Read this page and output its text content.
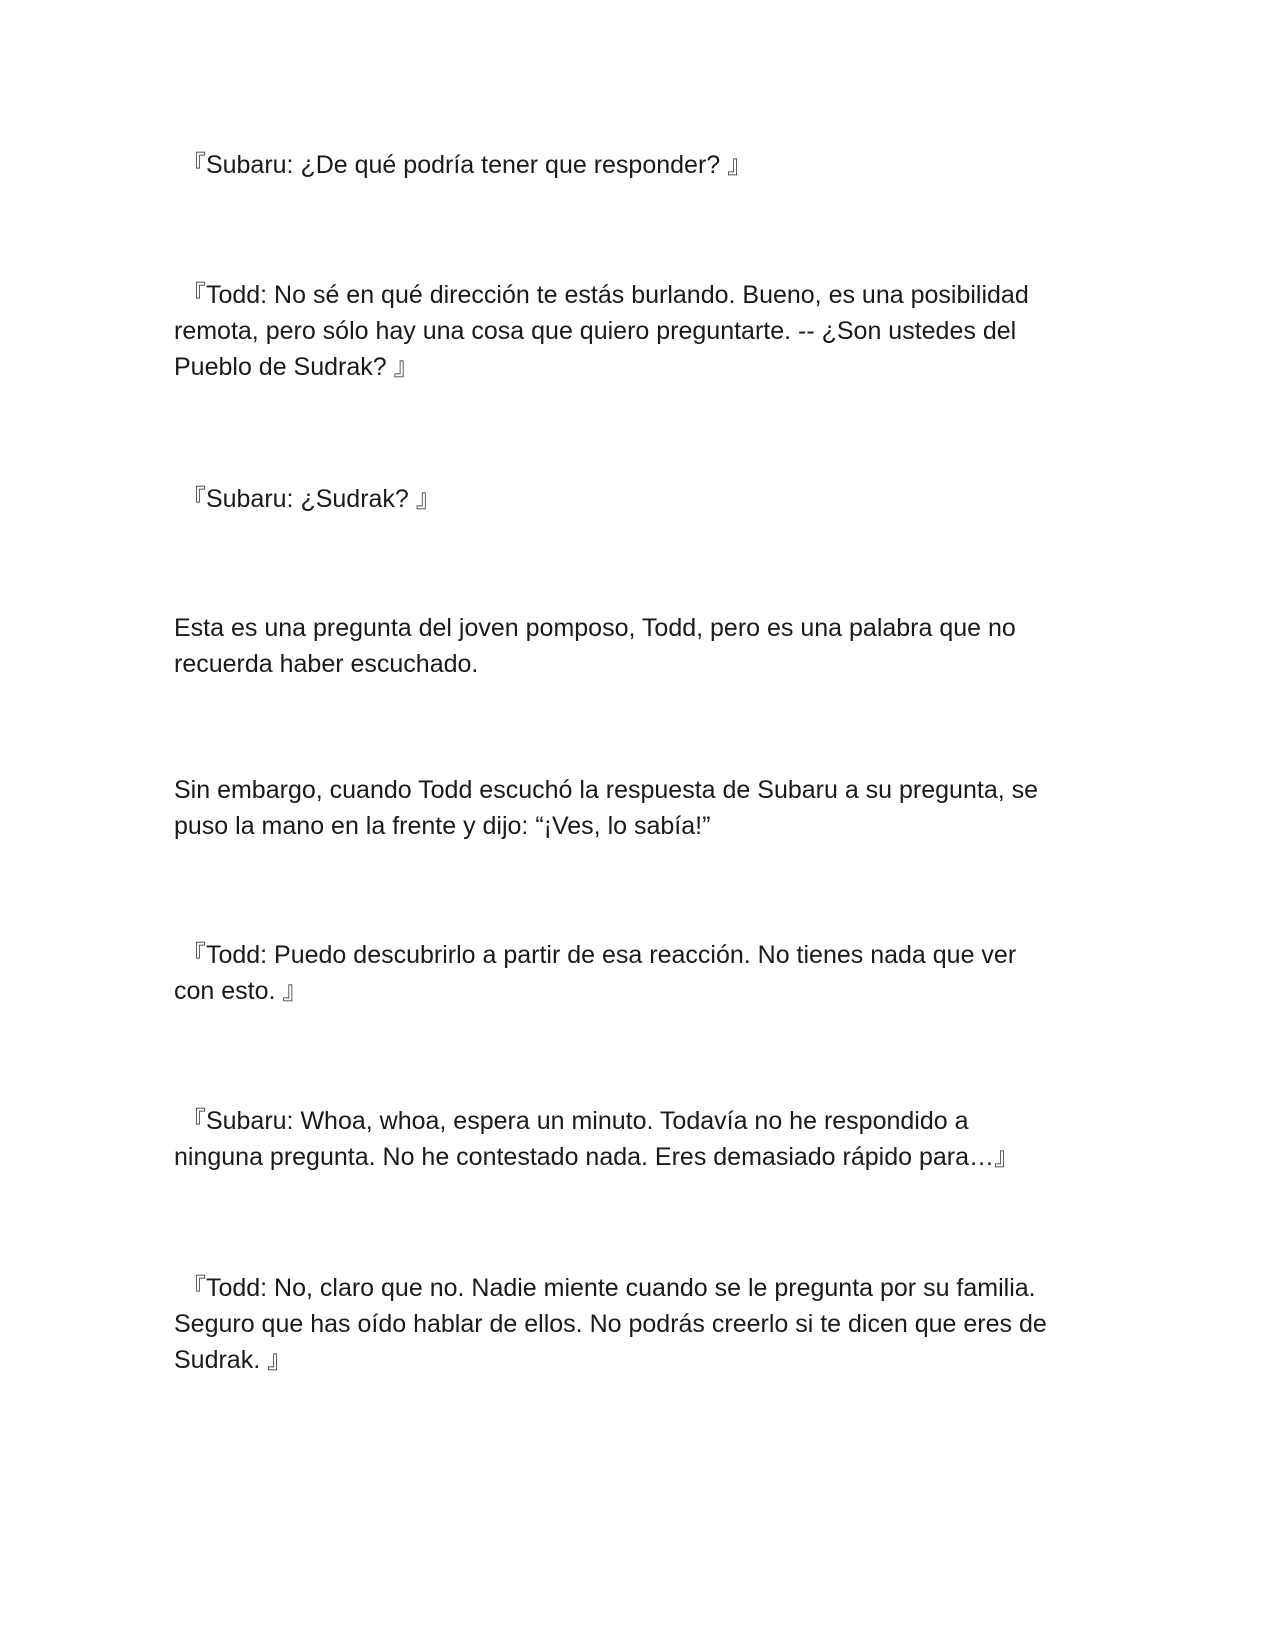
『Subaru: ¿De qué podría tener que responder? 』

『Todd: No sé en qué dirección te estás burlando. Bueno, es una posibilidad
remota, pero sólo hay una cosa que quiero preguntarte. -- ¿Son ustedes del
Pueblo de Sudrak? 』

『Subaru: ¿Sudrak? 』

Esta es una pregunta del joven pomposo, Todd, pero es una palabra que no
recuerda haber escuchado.

Sin embargo, cuando Todd escuchó la respuesta de Subaru a su pregunta, se
puso la mano en la frente y dijo: “¡Ves, lo sabía!”

『Todd: Puedo descubrirlo a partir de esa reacción. No tienes nada que ver
con esto. 』

『Subaru: Whoa, whoa, espera un minuto. Todavía no he respondido a
ninguna pregunta. No he contestado nada. Eres demasiado rápido para…』

『Todd: No, claro que no. Nadie miente cuando se le pregunta por su familia.
Seguro que has oído hablar de ellos. No podrás creerlo si te dicen que eres de
Sudrak. 』
